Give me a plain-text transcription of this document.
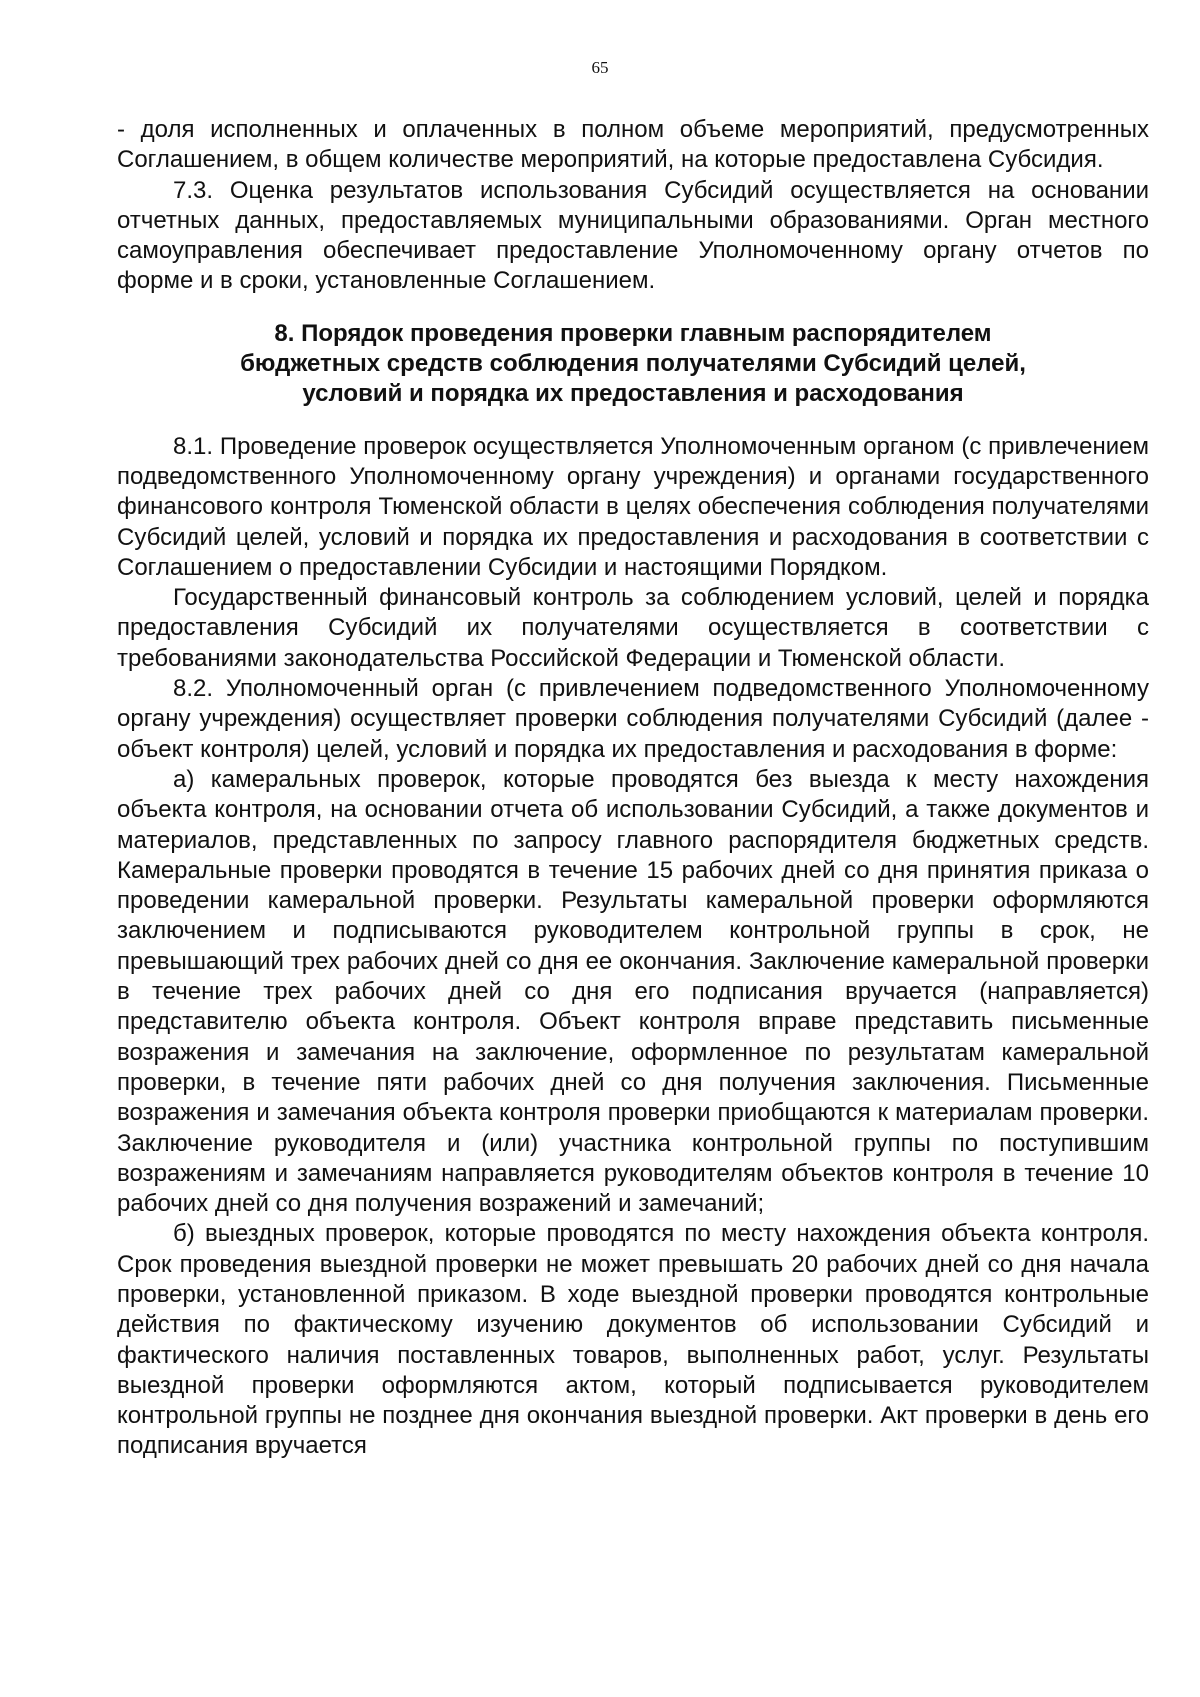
65

- доля исполненных и оплаченных в полном объеме мероприятий, предусмотренных Соглашением, в общем количестве мероприятий, на которые предоставлена Субсидия.

7.3. Оценка результатов использования Субсидий осуществляется на основании отчетных данных, предоставляемых муниципальными образованиями. Орган местного самоуправления обеспечивает предоставление Уполномоченному органу отчетов по форме и в сроки, установленные Соглашением.

8. Порядок проведения проверки главным распорядителем
бюджетных средств соблюдения получателями Субсидий целей,
условий и порядка их предоставления и расходования

8.1. Проведение проверок осуществляется Уполномоченным органом (с привлечением подведомственного Уполномоченному органу учреждения) и органами государственного финансового контроля Тюменской области в целях обеспечения соблюдения получателями Субсидий целей, условий и порядка их предоставления и расходования в соответствии с Соглашением о предоставлении Субсидии и настоящими Порядком.

Государственный финансовый контроль за соблюдением условий, целей и порядка предоставления Субсидий их получателями осуществляется в соответствии с требованиями законодательства Российской Федерации и Тюменской области.

8.2. Уполномоченный орган (с привлечением подведомственного Уполномоченному органу учреждения) осуществляет проверки соблюдения получателями Субсидий (далее - объект контроля) целей, условий и порядка их предоставления и расходования в форме:

а) камеральных проверок, которые проводятся без выезда к месту нахождения объекта контроля, на основании отчета об использовании Субсидий, а также документов и материалов, представленных по запросу главного распорядителя бюджетных средств. Камеральные проверки проводятся в течение 15 рабочих дней со дня принятия приказа о проведении камеральной проверки. Результаты камеральной проверки оформляются заключением и подписываются руководителем контрольной группы в срок, не превышающий трех рабочих дней со дня ее окончания. Заключение камеральной проверки в течение трех рабочих дней со дня его подписания вручается (направляется) представителю объекта контроля. Объект контроля вправе представить письменные возражения и замечания на заключение, оформленное по результатам камеральной проверки, в течение пяти рабочих дней со дня получения заключения. Письменные возражения и замечания объекта контроля проверки приобщаются к материалам проверки. Заключение руководителя и (или) участника контрольной группы по поступившим возражениям и замечаниям направляется руководителям объектов контроля в течение 10 рабочих дней со дня получения возражений и замечаний;

б) выездных проверок, которые проводятся по месту нахождения объекта контроля. Срок проведения выездной проверки не может превышать 20 рабочих дней со дня начала проверки, установленной приказом. В ходе выездной проверки проводятся контрольные действия по фактическому изучению документов об использовании Субсидий и фактического наличия поставленных товаров, выполненных работ, услуг. Результаты выездной проверки оформляются актом, который подписывается руководителем контрольной группы не позднее дня окончания выездной проверки. Акт проверки в день его подписания вручается
